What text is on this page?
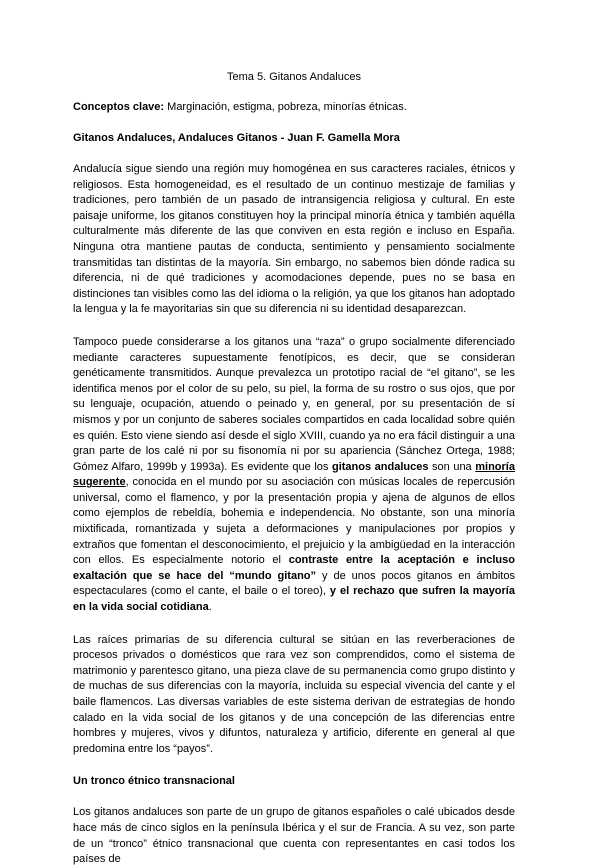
Tema 5. Gitanos Andaluces
Conceptos clave: Marginación, estigma, pobreza, minorías étnicas.
Gitanos Andaluces, Andaluces Gitanos - Juan F. Gamella Mora

Andalucía sigue siendo una región muy homogénea en sus caracteres raciales, étnicos y religiosos. Esta homogeneidad, es el resultado de un continuo mestizaje de familias y tradiciones, pero también de un pasado de intransigencia religiosa y cultural. En este paisaje uniforme, los gitanos constituyen hoy la principal minoría étnica y también aquélla culturalmente más diferente de las que conviven en esta región e incluso en España. Ninguna otra mantiene pautas de conducta, sentimiento y pensamiento socialmente transmitidas tan distintas de la mayoría. Sin embargo, no sabemos bien dónde radica su diferencia, ni de qué tradiciones y acomodaciones depende, pues no se basa en distinciones tan visibles como las del idioma o la religión, ya que los gitanos han adoptado la lengua y la fe mayoritarias sin que su diferencia ni su identidad desaparezcan.

Tampoco puede considerarse a los gitanos una “raza” o grupo socialmente diferenciado mediante caracteres supuestamente fenotípicos, es decir, que se consideran genéticamente transmitidos. Aunque prevalezca un prototipo racial de “el gitano”, se les identifica menos por el color de su pelo, su piel, la forma de su rostro o sus ojos, que por su lenguaje, ocupación, atuendo o peinado y, en general, por su presentación de sí mismos y por un conjunto de saberes sociales compartidos en cada localidad sobre quién es quién. Esto viene siendo así desde el siglo XVIII, cuando ya no era fácil distinguir a una gran parte de los calé ni por su fisonomía ni por su apariencia (Sánchez Ortega, 1988; Gómez Alfaro, 1999b y 1993a). Es evidente que los gitanos andaluces son una minoría sugerente, conocida en el mundo por su asociación con músicas locales de repercusión universal, como el flamenco, y por la presentación propia y ajena de algunos de ellos como ejemplos de rebeldía, bohemia e independencia. No obstante, son una minoría mixtificada, romantizada y sujeta a deformaciones y manipulaciones por propios y extraños que fomentan el desconocimiento, el prejuicio y la ambigüedad en la interacción con ellos. Es especialmente notorio el contraste entre la aceptación e incluso exaltación que se hace del “mundo gitano” y de unos pocos gitanos en ámbitos espectaculares (como el cante, el baile o el toreo), y el rechazo que sufren la mayoría en la vida social cotidiana.

Las raíces primarias de su diferencia cultural se sitúan en las reverberaciones de procesos privados o domésticos que rara vez son comprendidos, como el sistema de matrimonio y parentesco gitano, una pieza clave de su permanencia como grupo distinto y de muchas de sus diferencias con la mayoría, incluida su especial vivencia del cante y el baile flamencos. Las diversas variables de este sistema derivan de estrategias de hondo calado en la vida social de los gitanos y de una concepción de las diferencias entre hombres y mujeres, vivos y difuntos, naturaleza y artificio, diferente en general al que predomina entre los “payos”.

Un tronco étnico transnacional

Los gitanos andaluces son parte de un grupo de gitanos españoles o calé ubicados desde hace más de cinco siglos en la península Ibérica y el sur de Francia. A su vez, son parte de un “tronco” étnico transnacional que cuenta con representantes en casi todos los países de
